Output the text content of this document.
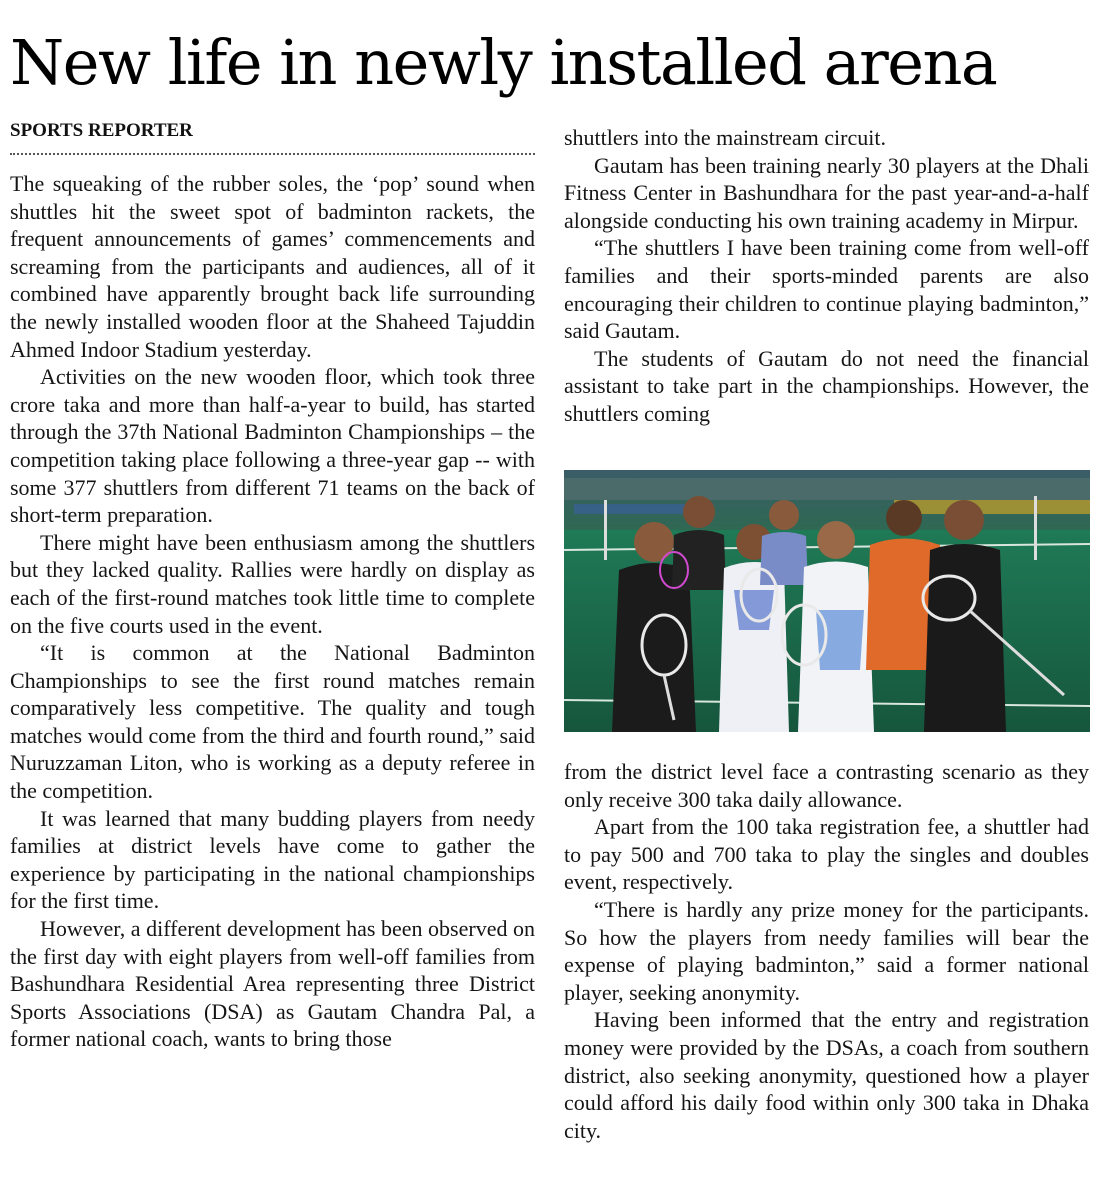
New life in newly installed arena
SPORTS REPORTER

The squeaking of the rubber soles, the ‘pop’ sound when shuttles hit the sweet spot of badminton rackets, the frequent announcements of games’ commencements and screaming from the participants and audiences, all of it combined have apparently brought back life surrounding the newly installed wooden floor at the Shaheed Tajuddin Ahmed Indoor Stadium yesterday.

Activities on the new wooden floor, which took three crore taka and more than half-a-year to build, has started through the 37th National Badminton Championships – the competition taking place following a three-year gap -- with some 377 shuttlers from different 71 teams on the back of short-term preparation.

There might have been enthusiasm among the shuttlers but they lacked quality. Rallies were hardly on display as each of the first-round matches took little time to complete on the five courts used in the event.

“It is common at the National Badminton Championships to see the first round matches remain comparatively less competitive. The quality and tough matches would come from the third and fourth round,” said Nuruzzaman Liton, who is working as a deputy referee in the competition.

It was learned that many budding players from needy families at district levels have come to gather the experience by participating in the national championships for the first time.

However, a different development has been observed on the first day with eight players from well-off families from Bashundhara Residential Area representing three District Sports Associations (DSA) as Gautam Chandra Pal, a former national coach, wants to bring those

shuttlers into the mainstream circuit.

Gautam has been training nearly 30 players at the Dhali Fitness Center in Bashundhara for the past year-and-a-half alongside conducting his own training academy in Mirpur.

“The shuttlers I have been training come from well-off families and their sports-minded parents are also encouraging their children to continue playing badminton,” said Gautam.

The students of Gautam do not need the financial assistant to take part in the championships. However, the shuttlers coming

from the district level face a contrasting scenario as they only receive 300 taka daily allowance.

Apart from the 100 taka registration fee, a shuttler had to pay 500 and 700 taka to play the singles and doubles event, respectively.

“There is hardly any prize money for the participants. So how the players from needy families will bear the expense of playing badminton,” said a former national player, seeking anonymity.

Having been informed that the entry and registration money were provided by the DSAs, a coach from southern district, also seeking anonymity, questioned how a player could afford his daily food within only 300 taka in Dhaka city.
